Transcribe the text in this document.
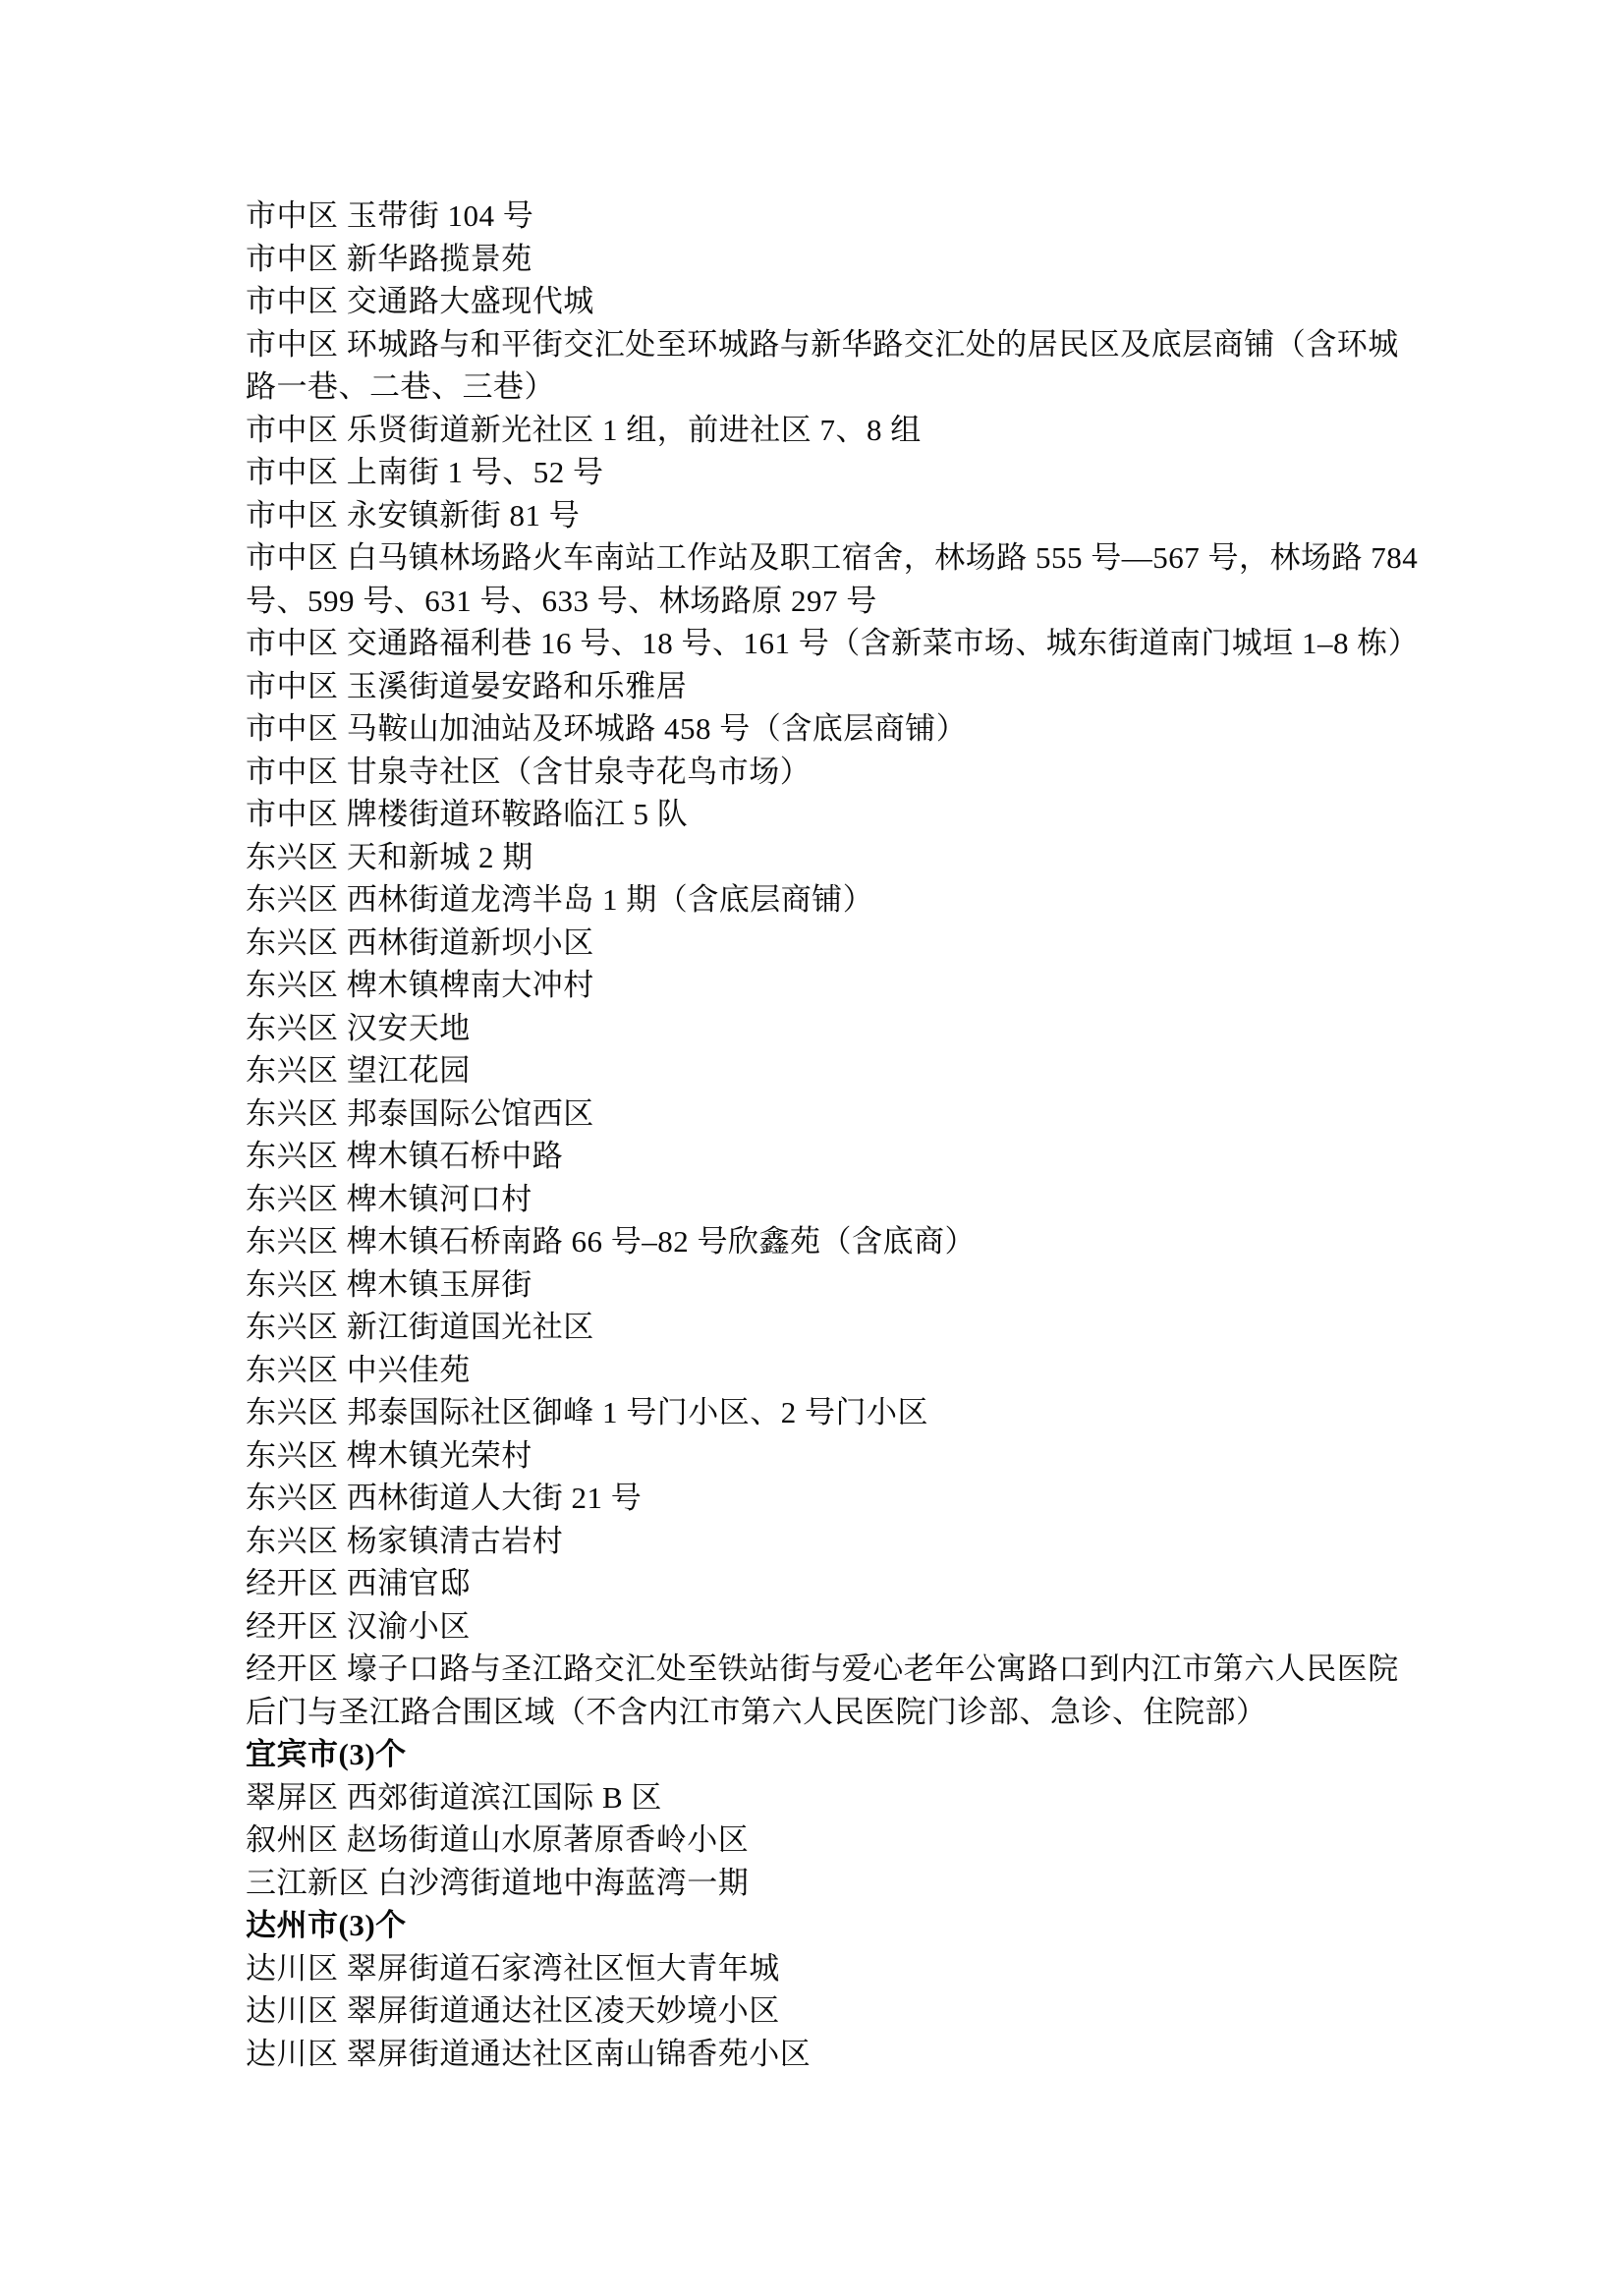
市中区 玉带街 104 号
市中区 新华路揽景苑
市中区 交通路大盛现代城
市中区 环城路与和平街交汇处至环城路与新华路交汇处的居民区及底层商铺（含环城
路一巷、二巷、三巷）
市中区 乐贤街道新光社区 1 组，前进社区 7、8 组
市中区 上南街 1 号、52 号
市中区 永安镇新街 81 号
市中区 白马镇林场路火车南站工作站及职工宿舍，林场路 555 号—567 号，林场路 784
号、599 号、631 号、633 号、林场路原 297 号
市中区 交通路福利巷 16 号、18 号、161 号（含新菜市场、城东街道南门城垣 1–8 栋）
市中区 玉溪街道晏安路和乐雅居
市中区 马鞍山加油站及环城路 458 号（含底层商铺）
市中区 甘泉寺社区（含甘泉寺花鸟市场）
市中区 牌楼街道环鞍路临江 5 队
东兴区 天和新城 2 期
东兴区 西林街道龙湾半岛 1 期（含底层商铺）
东兴区 西林街道新坝小区
东兴区 椑木镇椑南大冲村
东兴区 汉安天地
东兴区 望江花园
东兴区 邦泰国际公馆西区
东兴区 椑木镇石桥中路
东兴区 椑木镇河口村
东兴区 椑木镇石桥南路 66 号–82 号欣鑫苑（含底商）
东兴区 椑木镇玉屏街
东兴区 新江街道国光社区
东兴区 中兴佳苑
东兴区 邦泰国际社区御峰 1 号门小区、2 号门小区
东兴区 椑木镇光荣村
东兴区 西林街道人大街 21 号
东兴区 杨家镇清古岩村
经开区 西浦官邸
经开区 汉渝小区
经开区 壕子口路与圣江路交汇处至铁站街与爱心老年公寓路口到内江市第六人民医院
后门与圣江路合围区域（不含内江市第六人民医院门诊部、急诊、住院部）
宜宾市(3)个
翠屏区 西郊街道滨江国际 B 区
叙州区 赵场街道山水原著原香岭小区
三江新区 白沙湾街道地中海蓝湾一期
达州市(3)个
达川区 翠屏街道石家湾社区恒大青年城
达川区 翠屏街道通达社区凌天妙境小区
达川区 翠屏街道通达社区南山锦香苑小区
